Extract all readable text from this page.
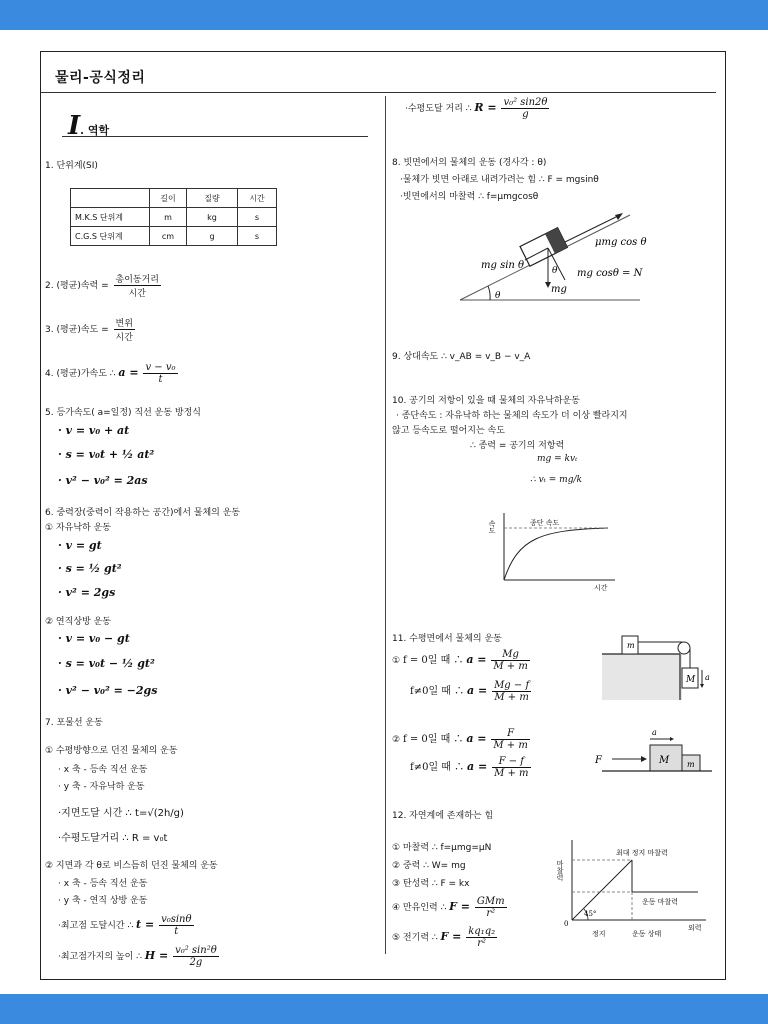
물리-공식정리
I. 역학
1. 단위계(SI)
	길이	질량	시간
M.K.S 단위계	m	kg	s
C.G.S 단위계	cm	g	s
2. (평균)속력 = $\frac{\text{총이동거리}}{\text{시간}}$
3. (평균)속도 = $\frac{\text{변위}}{\text{시간}}$
4. (평균)가속도 ∴ $a = \frac{\text{v − v₀}}{t}$
5. 등가속도( a=일정) 직선 운동 방정식
· v = v₀ + at
· s = v₀t + ½ at²
· v² − v₀² = 2as
6. 중력장(중력이 작용하는 공간)에서 물체의 운동
① 자유낙하 운동
· v = gt
· s = ½ gt²
· v² = 2gs
② 연직상방 운동
· v = v₀ − gt
· s = v₀t − ½ gt²
· v² − v₀² = −2gs
7. 포물선 운동
① 수평방향으로 던진 물체의 운동
· x 축 - 등속 직선 운동
· y 축 - 자유낙하 운동
·지면도달 시간 ∴ t=√(2h/g)
·수평도달거리 ∴ R = v₀t
② 지면과 각 θ로 비스듬히 던진 물체의 운동
· x 축 - 등속 직선 운동
· y 축 - 연직 상방 운동
·최고점 도달시간 ∴ $t = \frac{\text{v₀sinθ}}{t}$
·최고점가지의 높이 ∴ $H = \frac{\text{v₀² sin²θ}}{2g}$
·수평도달 거리 ∴ $R = \frac{\text{v₀² sin2θ}}{g}$
8. 빗면에서의 물체의 운동 (경사각 : θ)
·물체가 빗면 아래로 내려가려는 힘 ∴ F = mgsinθ
·빗면에서의 마찰력 ∴ f=μmgcosθ
θ
θ
μmg cos θ
mg sin θ
mg cosθ = N
mg
9. 상대속도 ∴ v_AB = v_B − v_A
10. 공기의 저항이 있을 때 물체의 자유낙하운동
· 종단속도 : 자유낙하 하는 물체의 속도가 더 이상 빨라지지
않고 등속도로 떨어지는 속도
∴ 종력 = 공기의 저항력
mg = kvₜ
∴ vₜ = mg/k
속도	종단 속도
시간
11. 수평면에서 물체의 운동
① f = 0일 때 ∴ $a = \frac{Mg}{M + m}$
f≠0일 때 ∴ $a = \frac{Mg - f}{M + m}$
m
M a
② f = 0일 때 ∴ $a = \frac{F}{M + m}$
f≠0일 때 ∴ $a = \frac{F - f}{M + m}$
a
F	M m
12. 자연계에 존재하는 힘
① 마찰력 ∴ f=μmg=μN
② 중력 ∴ W= mg
③ 탄성력 ∴ F = kx
④ 만유인력 ∴ $F = \frac{\text{GMm}}{\text{r²}}$
⑤ 전기력 ∴ $F = \frac{\text{kq₁q₂}}{\text{r²}}$
마찰력
최대 정지 마찰력
운동 마찰력
45°
0
정지	운동 상태
외력
